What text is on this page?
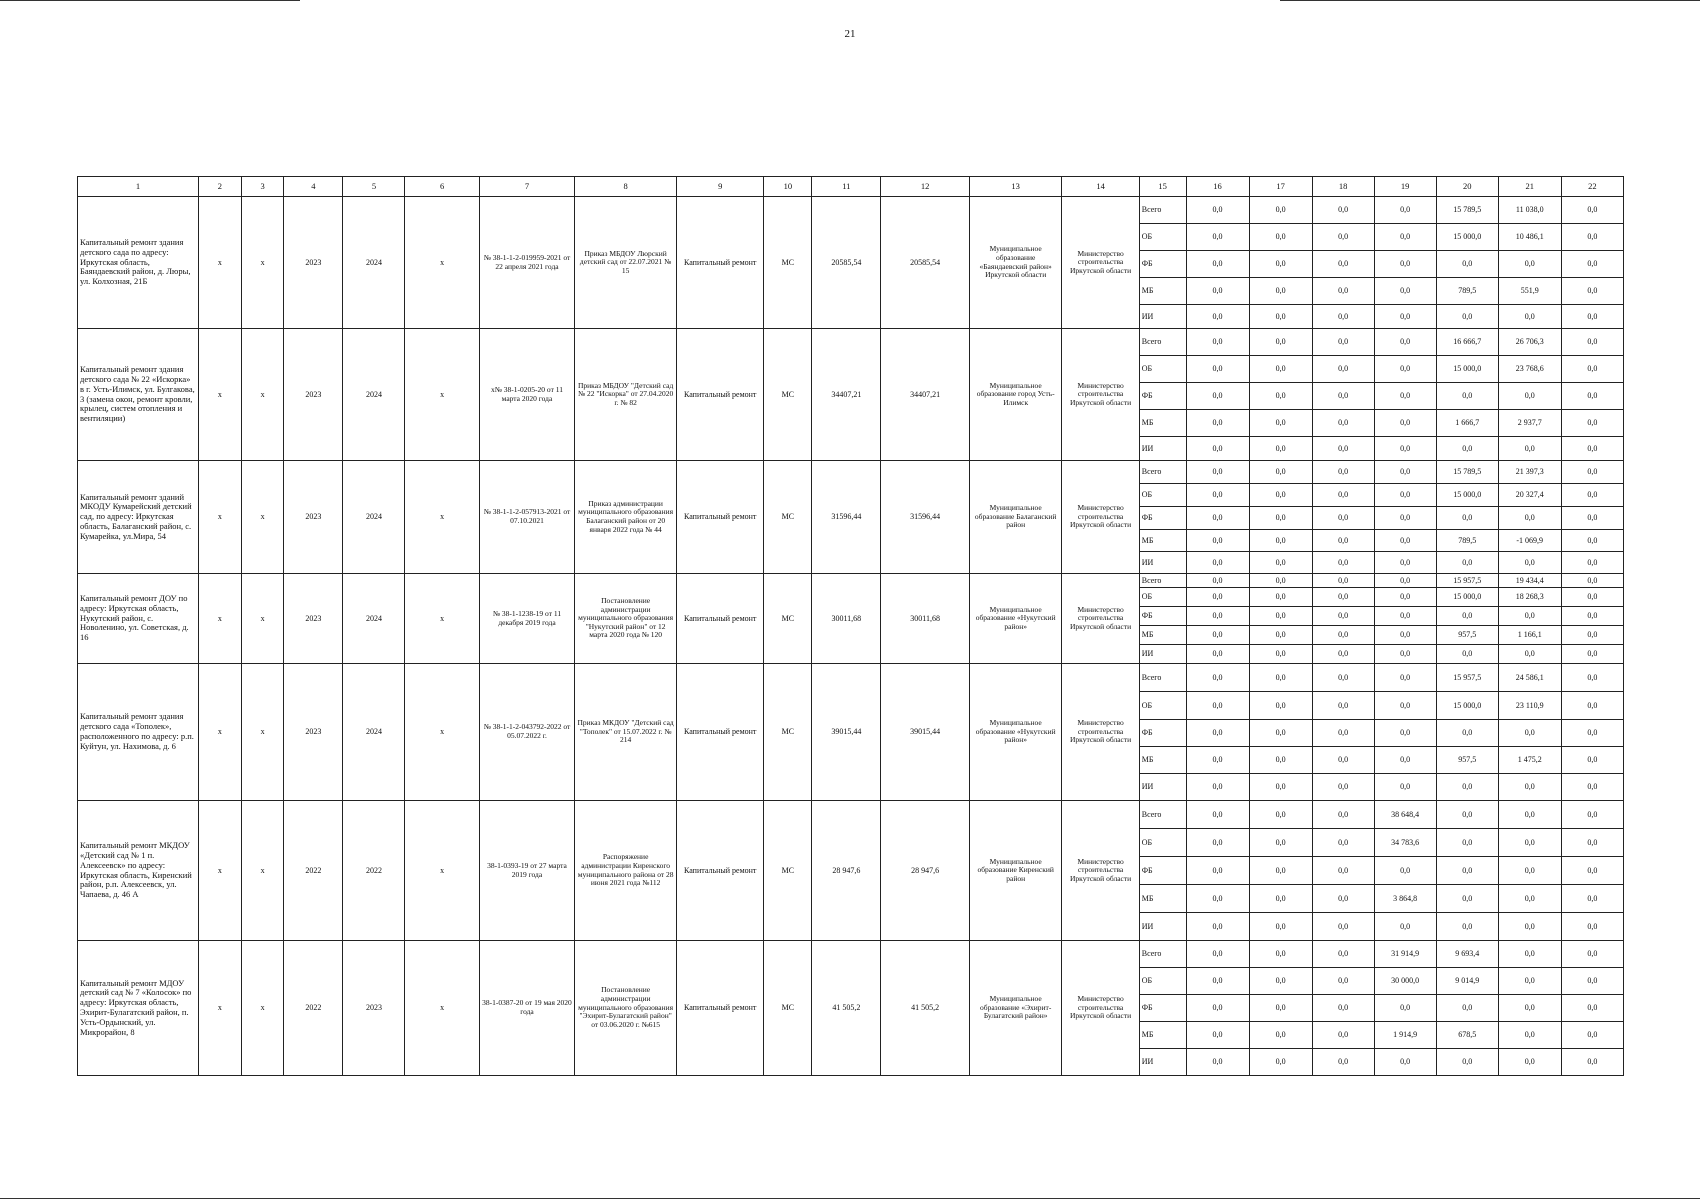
21
1	2	3	4	5	6	7	8	9	10	11	12	13	14	15	16	17	18	19	20	21	22
Капитальный ремонт здания детского сада по адресу: Иркутская область, Баяндаевский район, д. Люры, ул. Колхозная, 21Б	х	х	2023	2024	х	№ 38-1-1-2-019959-2021 от 22 апреля 2021 года	Приказ МБДОУ Люрский детский сад от 22.07.2021 № 15	Капитальный ремонт	МС	20585,54	20585,54	Муниципальное образование «Баяндаевский район» Иркутской области	Министерство строительства Иркутской области	Всего	0,0	0,0	0,0	0,0	15 789,5	11 038,0	0,0
														ОБ	0,0	0,0	0,0	0,0	15 000,0	10 486,1	0,0
														ФБ	0,0	0,0	0,0	0,0	0,0	0,0	0,0
														МБ	0,0	0,0	0,0	0,0	789,5	551,9	0,0
														ИИ	0,0	0,0	0,0	0,0	0,0	0,0	0,0
Капитальный ремонт здания детского сада № 22 «Искорка» в г. Усть-Илимск, ул. Булгакова, 3 (замена окон, ремонт кровли, крылец, систем отопления и вентиляции)	х	х	2023	2024	х	х№ 38-1-0205-20 от 11 марта 2020 года	Приказ МБДОУ "Детский сад № 22 "Искорка" от 27.04.2020 г. № 82	Капитальный ремонт	МС	34407,21	34407,21	Муниципальное образование город Усть-Илимск	Министерство строительства Иркутской области	Всего	0,0	0,0	0,0	0,0	16 666,7	26 706,3	0,0
														ОБ	0,0	0,0	0,0	0,0	15 000,0	23 768,6	0,0
														ФБ	0,0	0,0	0,0	0,0	0,0	0,0	0,0
														МБ	0,0	0,0	0,0	0,0	1 666,7	2 937,7	0,0
														ИИ	0,0	0,0	0,0	0,0	0,0	0,0	0,0
Капитальный ремонт зданий МКОДУ Кумарейский детский сад, по адресу: Иркутская область, Балаганский район, с. Кумарейка, ул.Мира, 54	х	х	2023	2024	х	№ 38-1-1-2-057913-2021 от 07.10.2021	Приказ администрации муниципального образования Балаганский район от 20 января 2022 года № 44	Капитальный ремонт	МС	31596,44	31596,44	Муниципальное образование Балаганский район	Министерство строительства Иркутской области	Всего	0,0	0,0	0,0	0,0	15 789,5	21 397,3	0,0
														ОБ	0,0	0,0	0,0	0,0	15 000,0	20 327,4	0,0
														ФБ	0,0	0,0	0,0	0,0	0,0	0,0	0,0
														МБ	0,0	0,0	0,0	0,0	789,5	-1 069,9	0,0
														ИИ	0,0	0,0	0,0	0,0	0,0	0,0	0,0
Капитальный ремонт ДОУ по адресу: Иркутская область, Нукутский район, с. Новоленино, ул. Советская, д. 16	х	х	2023	2024	х	№ 38-1-1238-19 от 11 декабря 2019 года	Постановление администрации муниципального образования "Нукутский район" от 12 марта 2020 года № 120	Капитальный ремонт	МС	30011,68	30011,68	Муниципальное образование «Нукутский район»	Министерство строительства Иркутской области	Всего	0,0	0,0	0,0	0,0	15 957,5	19 434,4	0,0
														ОБ	0,0	0,0	0,0	0,0	15 000,0	18 268,3	0,0
														ФБ	0,0	0,0	0,0	0,0	0,0	0,0	0,0
														МБ	0,0	0,0	0,0	0,0	957,5	1 166,1	0,0
														ИИ	0,0	0,0	0,0	0,0	0,0	0,0	0,0
Капитальный ремонт здания детского сада «Тополек», расположенного по адресу: р.п. Куйтун, ул. Нахимова, д. 6	х	х	2023	2024	х	№ 38-1-1-2-043792-2022 от 05.07.2022 г.	Приказ МКДОУ "Детский сад "Тополек" от 15.07.2022 г. № 214	Капитальный ремонт	МС	39015,44	39015,44	Муниципальное образование «Нукутский район»	Министерство строительства Иркутской области	Всего	0,0	0,0	0,0	0,0	15 957,5	24 586,1	0,0
														ОБ	0,0	0,0	0,0	0,0	15 000,0	23 110,9	0,0
														ФБ	0,0	0,0	0,0	0,0	0,0	0,0	0,0
														МБ	0,0	0,0	0,0	0,0	957,5	1 475,2	0,0
														ИИ	0,0	0,0	0,0	0,0	0,0	0,0	0,0
Капитальный ремонт МКДОУ «Детский сад № 1 п. Алексеевск» по адресу: Иркутская область, Киренский район, р.п. Алексеевск, ул. Чапаева, д. 46 А	х	х	2022	2022	х	38-1-0393-19 от 27 марта 2019 года	Распоряжение администрации Киренского муниципального района от 28 июня 2021 года №112	Капитальный ремонт	МС	28 947,6	28 947,6	Муниципальное образование Киренский район	Министерство строительства Иркутской области	Всего	0,0	0,0	0,0	38 648,4	0,0	0,0	0,0
														ОБ	0,0	0,0	0,0	34 783,6	0,0	0,0	0,0
														ФБ	0,0	0,0	0,0	0,0	0,0	0,0	0,0
														МБ	0,0	0,0	0,0	3 864,8	0,0	0,0	0,0
														ИИ	0,0	0,0	0,0	0,0	0,0	0,0	0,0
Капитальный ремонт МДОУ детский сад № 7 «Колосок» по адресу: Иркутская область, Эхирит-Булагатский район, п. Усть-Ордынский, ул. Микрорайон, 8	х	х	2022	2023	х	38-1-0387-20 от 19 мая 2020 года	Постановление администрации муниципального образования "Эхирит-Булагатский район" от 03.06.2020 г. №615	Капитальный ремонт	МС	41 505,2	41 505,2	Муниципальное образование «Эхирит-Булагатский район»	Министерство строительства Иркутской области	Всего	0,0	0,0	0,0	31 914,9	9 693,4	0,0	0,0
														ОБ	0,0	0,0	0,0	30 000,0	9 014,9	0,0	0,0
														ФБ	0,0	0,0	0,0	0,0	0,0	0,0	0,0
														МБ	0,0	0,0	0,0	1 914,9	678,5	0,0	0,0
														ИИ	0,0	0,0	0,0	0,0	0,0	0,0	0,0
